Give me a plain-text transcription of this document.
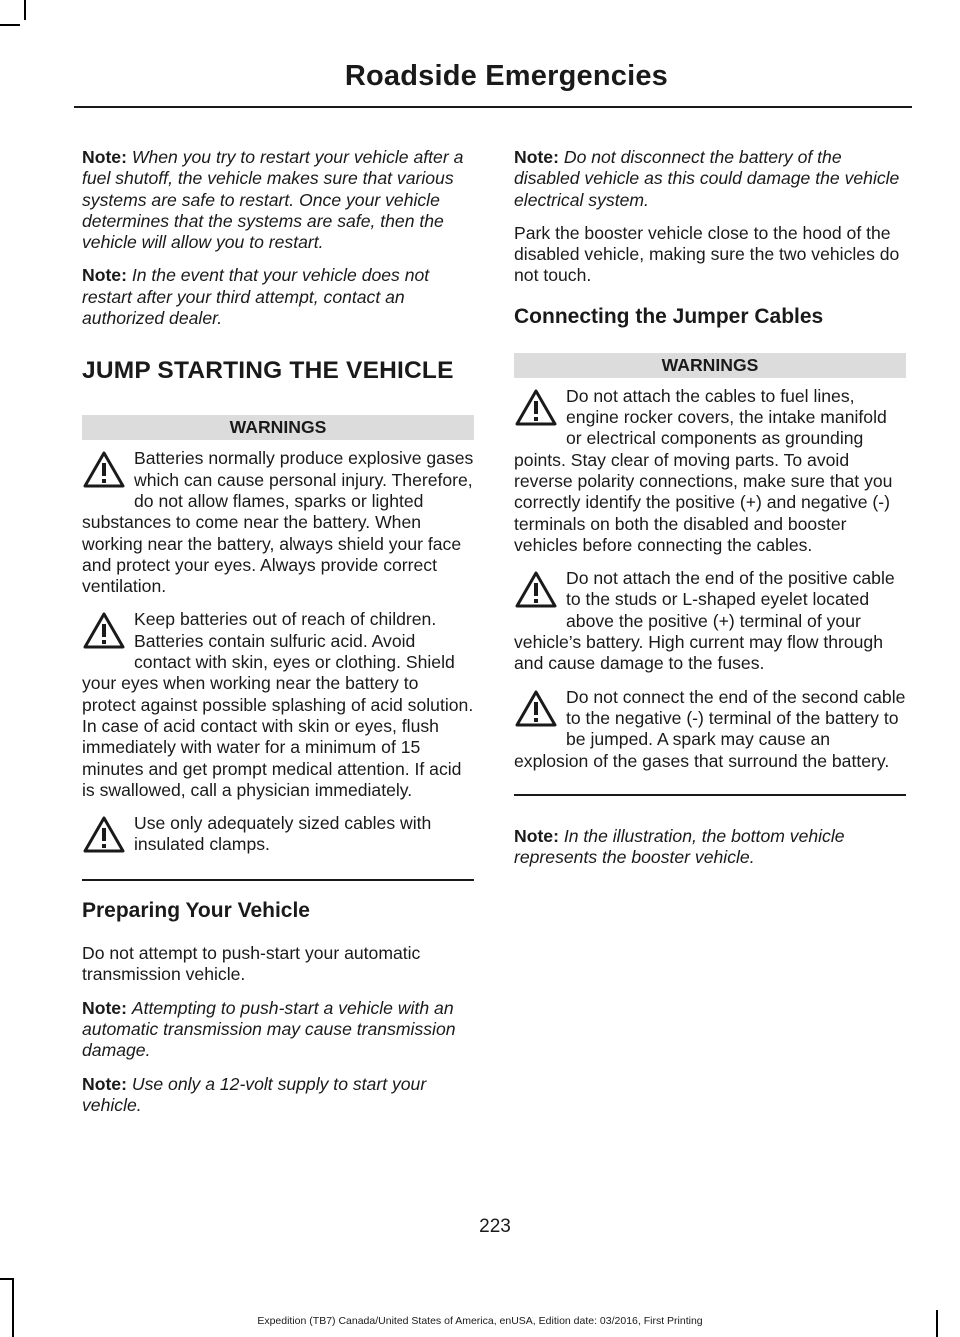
Roadside Emergencies

Note: When you try to restart your vehicle after a fuel shutoff, the vehicle makes sure that various systems are safe to restart. Once your vehicle determines that the systems are safe, then the vehicle will allow you to restart.

Note: In the event that your vehicle does not restart after your third attempt, contact an authorized dealer.

JUMP STARTING THE VEHICLE
WARNINGS
Batteries normally produce explosive gases which can cause personal injury. Therefore, do not allow flames, sparks or lighted substances to come near the battery. When working near the battery, always shield your face and protect your eyes. Always provide correct ventilation.
Keep batteries out of reach of children. Batteries contain sulfuric acid. Avoid contact with skin, eyes or clothing. Shield your eyes when working near the battery to protect against possible splashing of acid solution. In case of acid contact with skin or eyes, flush immediately with water for a minimum of 15 minutes and get prompt medical attention. If acid is swallowed, call a physician immediately.
Use only adequately sized cables with insulated clamps.
Preparing Your Vehicle

Do not attempt to push-start your automatic transmission vehicle.

Note: Attempting to push-start a vehicle with an automatic transmission may cause transmission damage.

Note: Use only a 12-volt supply to start your vehicle.

Note: Do not disconnect the battery of the disabled vehicle as this could damage the vehicle electrical system.

Park the booster vehicle close to the hood of the disabled vehicle, making sure the two vehicles do not touch.

Connecting the Jumper Cables
WARNINGS
Do not attach the cables to fuel lines, engine rocker covers, the intake manifold or electrical components as grounding points. Stay clear of moving parts. To avoid reverse polarity connections, make sure that you correctly identify the positive (+) and negative (-) terminals on both the disabled and booster vehicles before connecting the cables.
Do not attach the end of the positive cable to the studs or L-shaped eyelet located above the positive (+) terminal of your vehicle’s battery. High current may flow through and cause damage to the fuses.
Do not connect the end of the second cable to the negative (-) terminal of the battery to be jumped. A spark may cause an explosion of the gases that surround the battery.

Note: In the illustration, the bottom vehicle represents the booster vehicle.

223
Expedition (TB7) Canada/United States of America, enUSA, Edition date: 03/2016, First Printing
